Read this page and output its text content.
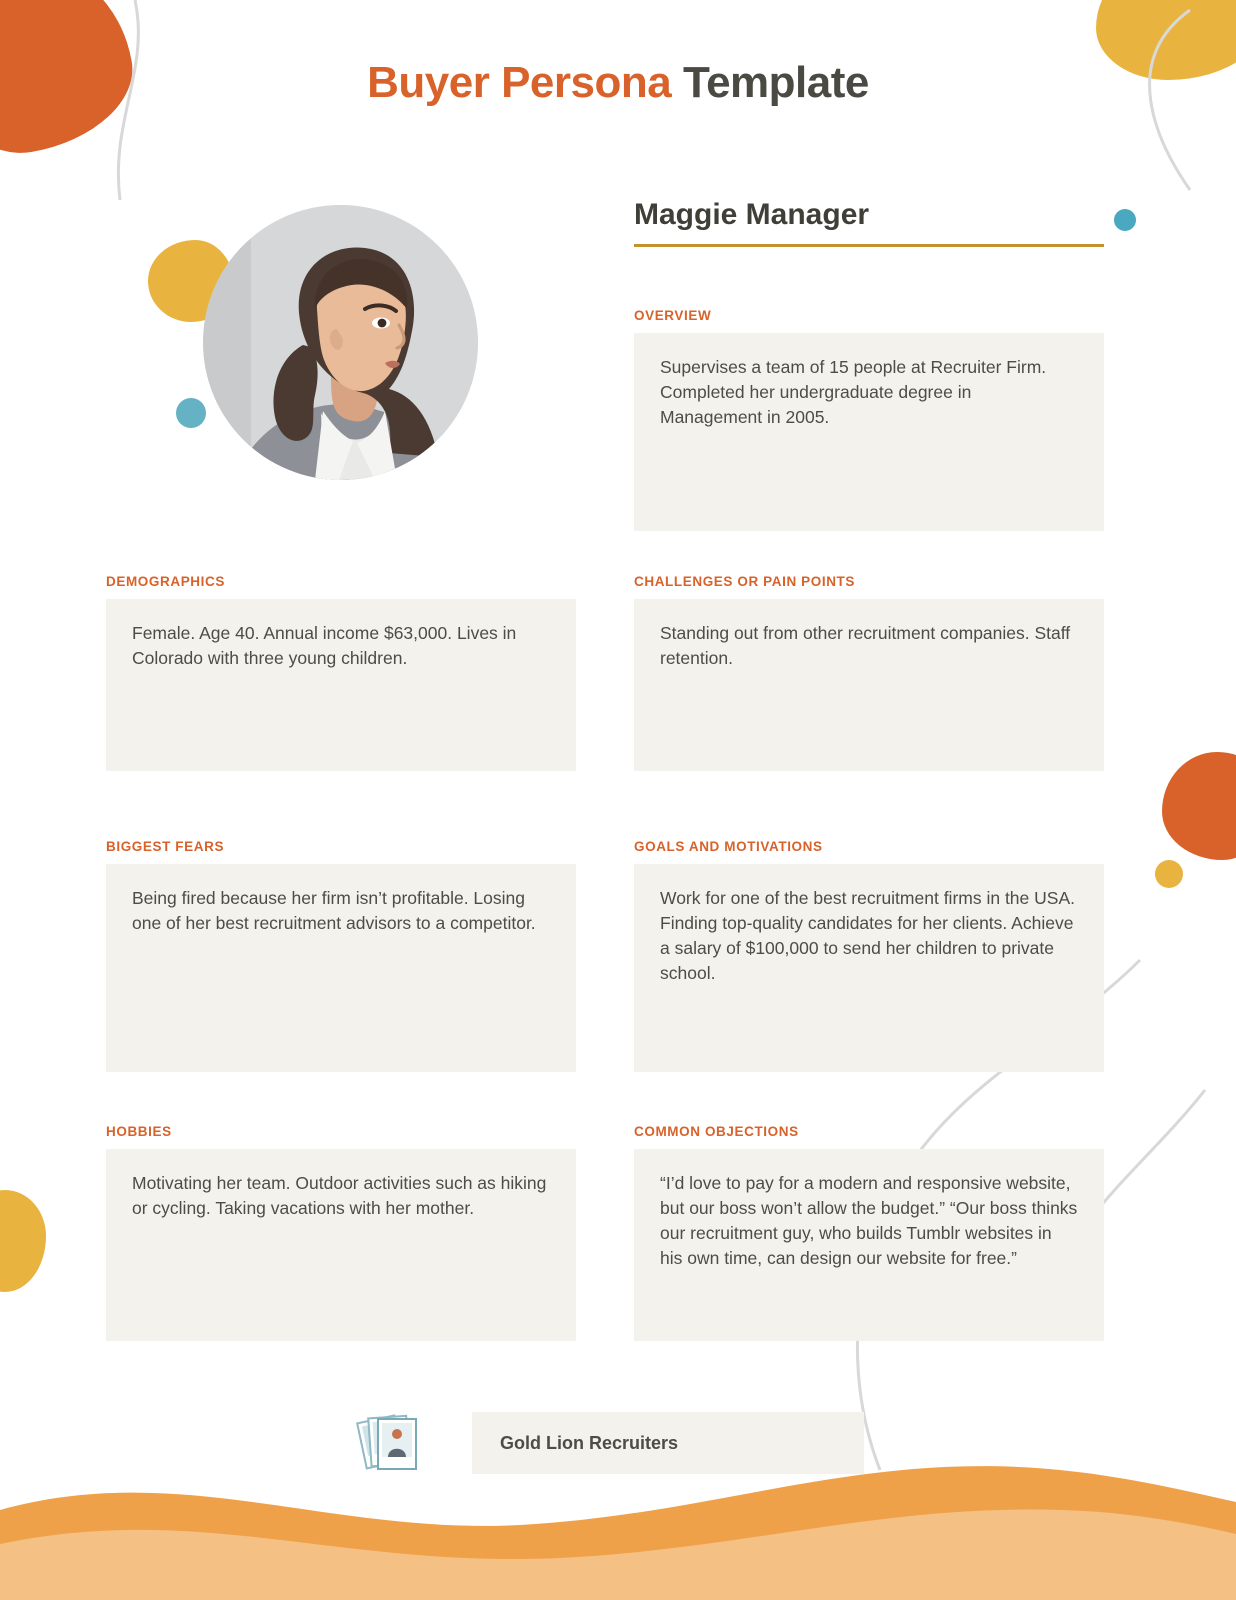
Buyer Persona Template
Maggie Manager
OVERVIEW
Supervises a team of 15 people at Recruiter Firm. Completed her undergraduate degree in Management in 2005.
DEMOGRAPHICS
Female. Age 40. Annual income $63,000. Lives in Colorado with three young children.
CHALLENGES OR PAIN POINTS
Standing out from other recruitment companies. Staff retention.
BIGGEST FEARS
Being fired because her firm isn’t profitable. Losing one of her best recruitment advisors to a competitor.
GOALS AND MOTIVATIONS
Work for one of the best recruitment firms in the USA. Finding top-quality candidates for her clients. Achieve a salary of $100,000 to send her children to private school.
HOBBIES
Motivating her team. Outdoor activities such as hiking or cycling. Taking vacations with her mother.
COMMON OBJECTIONS
“I’d love to pay for a modern and responsive website, but our boss won’t allow the budget.” “Our boss thinks our recruitment guy, who builds Tumblr websites in his own time, can design our website for free.”
Gold Lion Recruiters
